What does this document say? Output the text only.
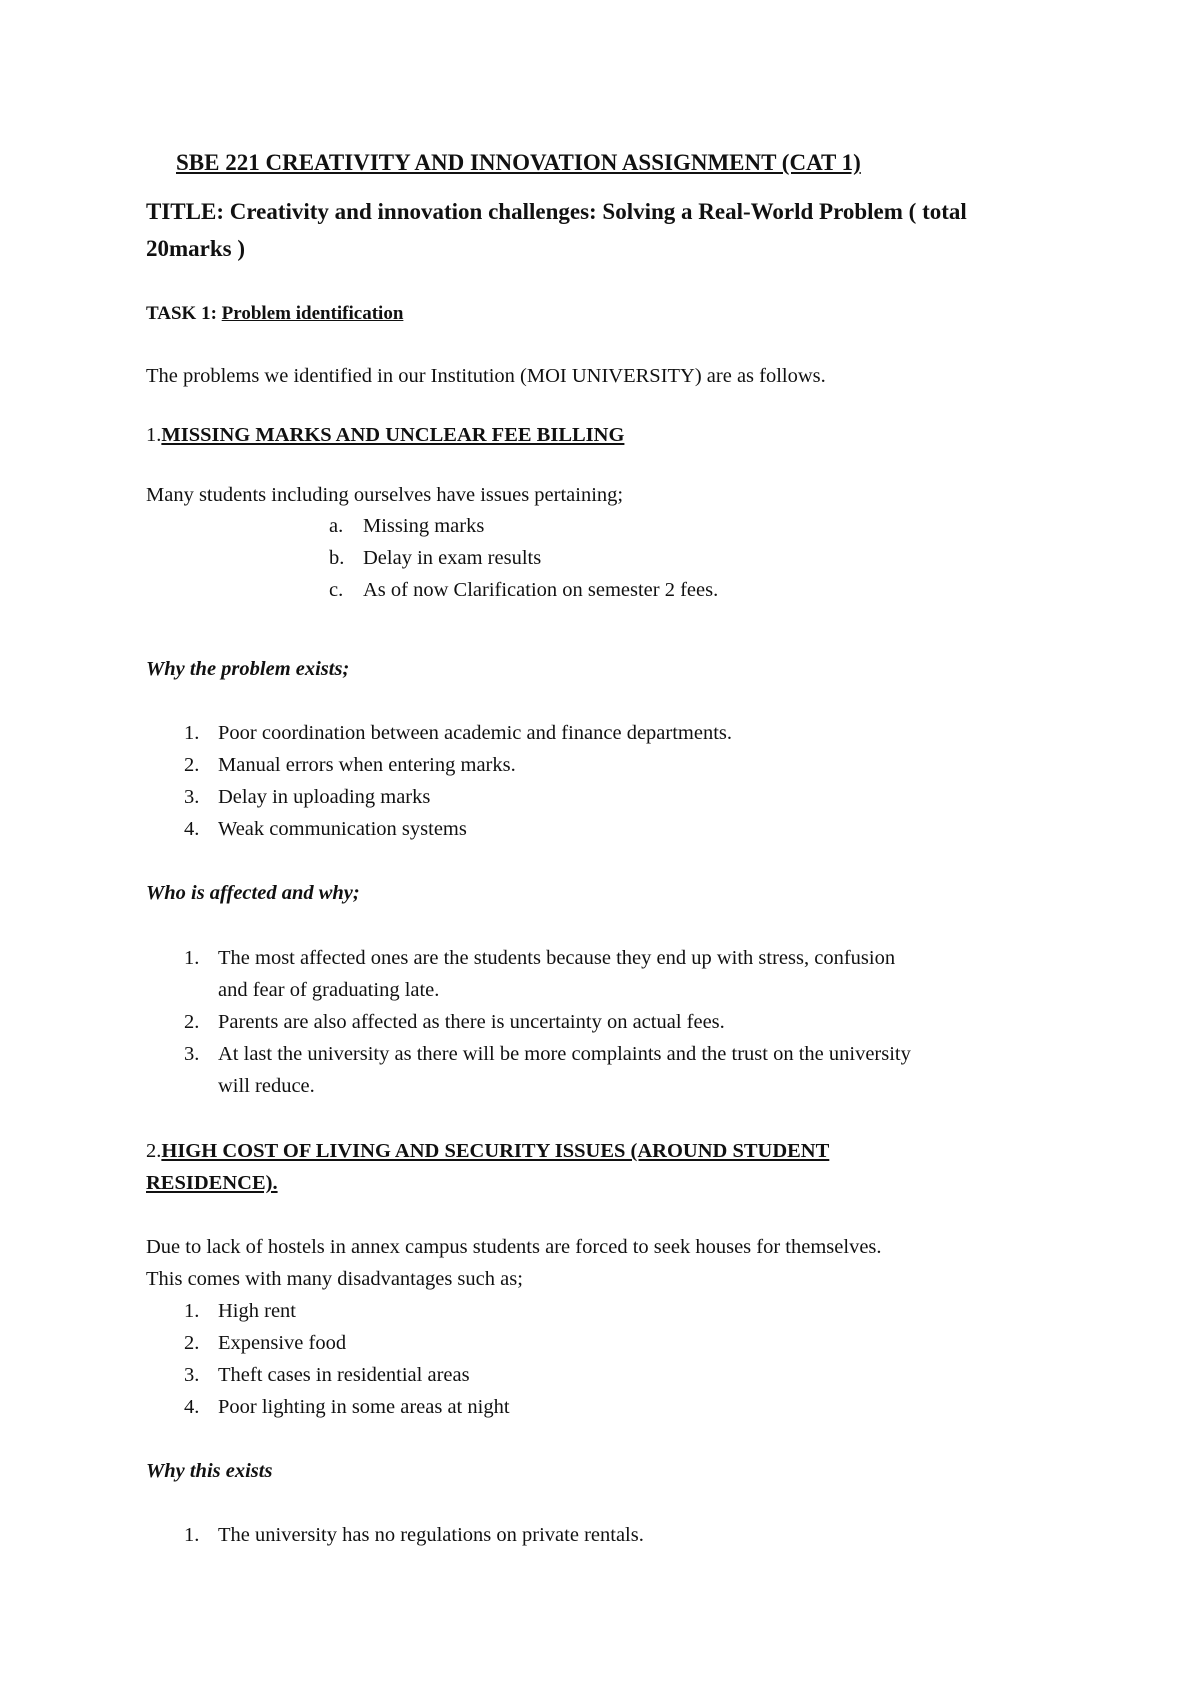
SBE 221 CREATIVITY AND INNOVATION ASSIGNMENT (CAT 1)
TITLE: Creativity and innovation challenges: Solving a Real-World Problem ( total 20marks )
TASK 1: Problem identification
The problems we identified in our Institution (MOI UNIVERSITY) are as follows.
1.MISSING MARKS AND UNCLEAR FEE BILLING
Many students including ourselves have issues pertaining;
a. Missing marks
b. Delay in exam results
c. As of now Clarification on semester 2 fees.
Why the problem exists;
1. Poor coordination between academic and finance departments.
2. Manual errors when entering marks.
3. Delay in uploading marks
4. Weak communication systems
Who is affected and why;
1. The most affected ones are the students because they end up with stress, confusion
and fear of graduating late.
2. Parents are also affected as there is uncertainty on actual fees.
3. At last the university as there will be more complaints and the trust on the university
will reduce.
2.HIGH COST OF LIVING AND SECURITY ISSUES (AROUND STUDENT
RESIDENCE).
Due to lack of hostels in annex campus students are forced to seek houses for themselves.
This comes with many disadvantages such as;
1. High rent
2. Expensive food
3. Theft cases in residential areas
4. Poor lighting in some areas at night
Why this exists
1. The university has no regulations on private rentals.
